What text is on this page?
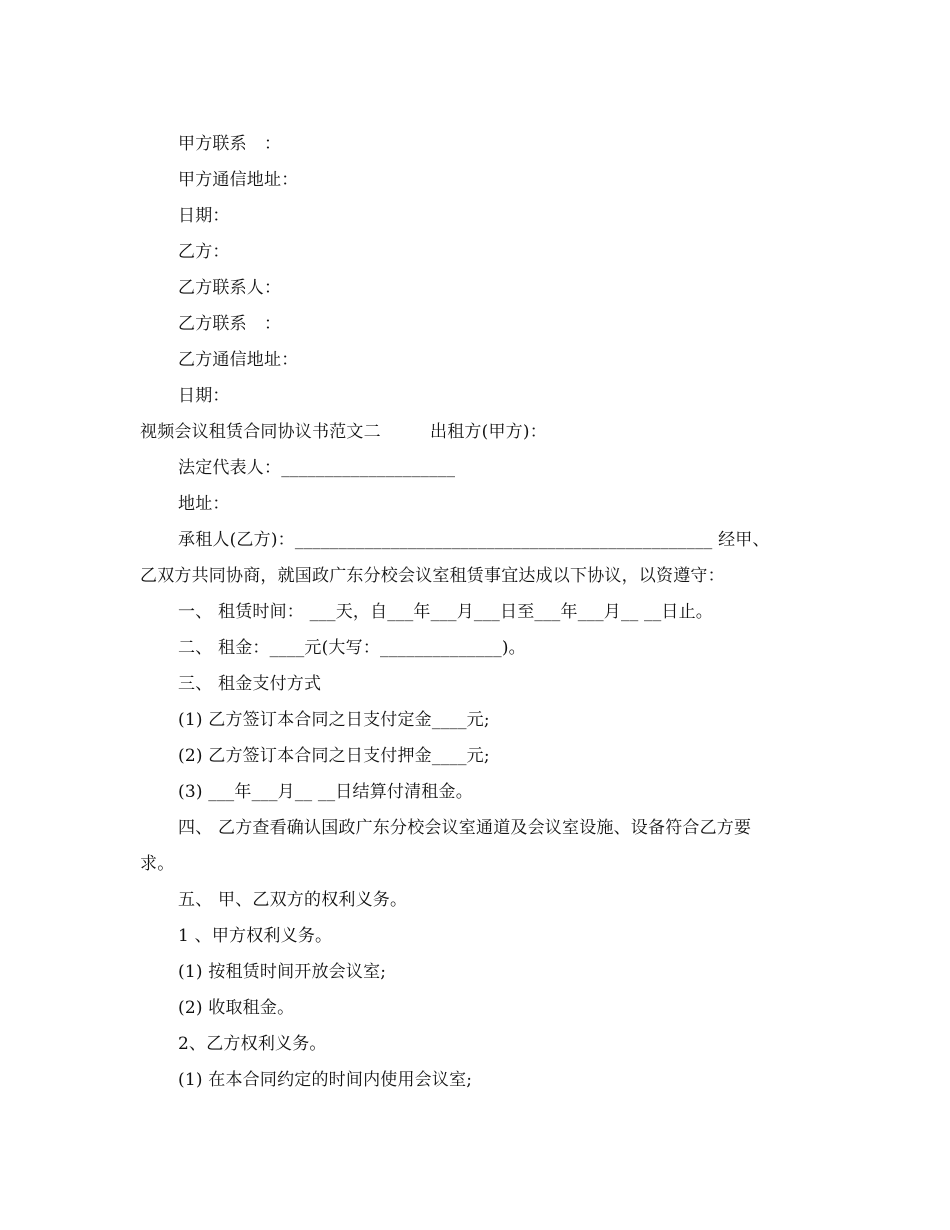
甲方联系　：
甲方通信地址：
日期：
乙方：
乙方联系人：
乙方联系　：
乙方通信地址：
日期：
视频会议租赁合同协议书范文二	出租方(甲方)：
法定代表人：____________________
地址：
承租人(乙方)：________________________________________________ 经甲、
乙双方共同协商，就国政广东分校会议室租赁事宜达成以下协议，以资遵守：
一、 租赁时间： ___天，自___年___月___日至___年___月__ __日止。
二、 租金：____元(大写：______________)。
三、 租金支付方式
(1) 乙方签订本合同之日支付定金____元;
(2) 乙方签订本合同之日支付押金____元;
(3) ___年___月__ __日结算付清租金。
四、 乙方查看确认国政广东分校会议室通道及会议室设施、设备符合乙方要
求。
五、 甲、乙双方的权利义务。
1 、甲方权利义务。
(1) 按租赁时间开放会议室;
(2) 收取租金。
2、乙方权利义务。
(1) 在本合同约定的时间内使用会议室;
